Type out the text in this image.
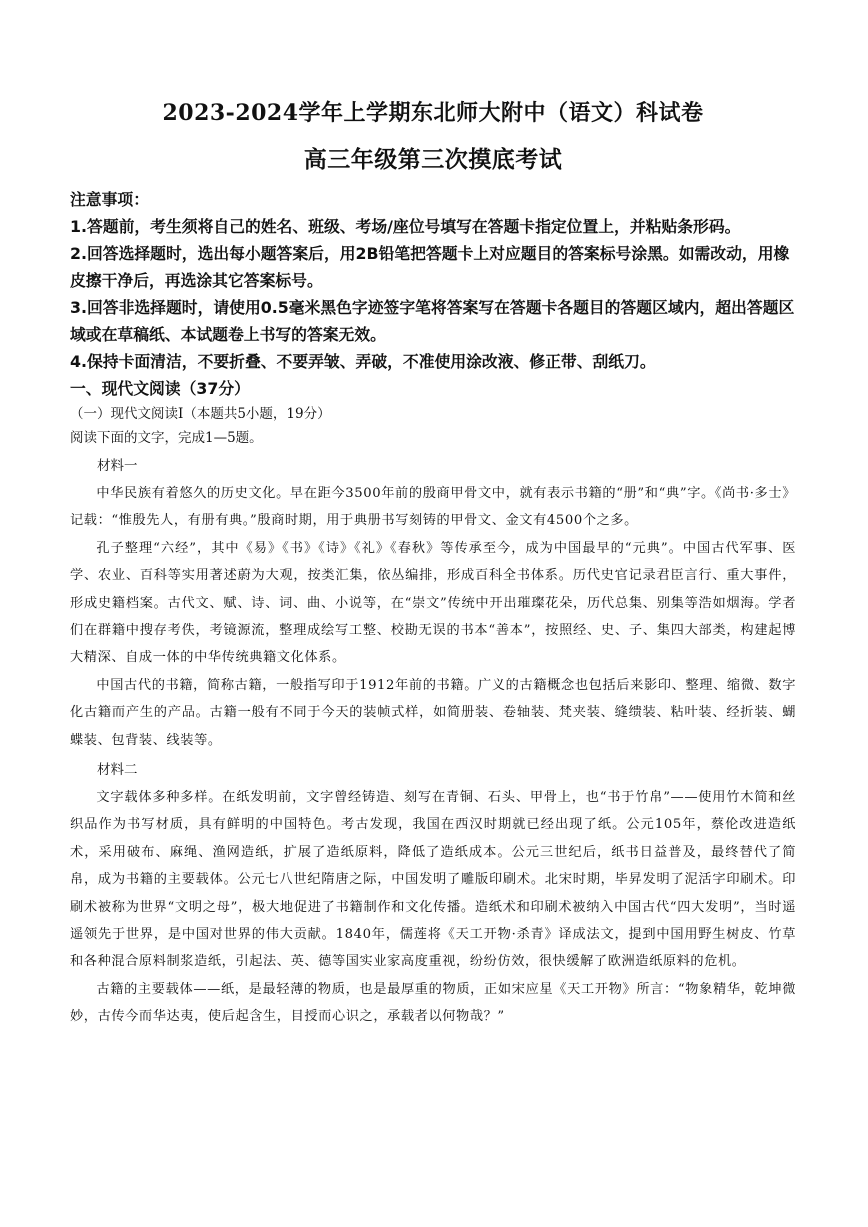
2023-2024学年上学期东北师大附中（语文）科试卷
高三年级第三次摸底考试

注意事项：

1.答题前，考生须将自己的姓名、班级、考场/座位号填写在答题卡指定位置上，并粘贴条形码。

2.回答选择题时，选出每小题答案后，用2B铅笔把答题卡上对应题目的答案标号涂黑。如需改动，用橡皮擦干净后，再选涂其它答案标号。

3.回答非选择题时，请使用0.5毫米黑色字迹签字笔将答案写在答题卡各题目的答题区域内，超出答题区域或在草稿纸、本试题卷上书写的答案无效。

4.保持卡面清洁，不要折叠、不要弄皱、弄破，不准使用涂改液、修正带、刮纸刀。

一、现代文阅读（37分）

（一）现代文阅读I（本题共5小题，19分）

阅读下面的文字，完成1—5题。

材料一

中华民族有着悠久的历史文化。早在距今3500年前的殷商甲骨文中，就有表示书籍的“册”和“典”字。《尚书·多士》记载：“惟殷先人，有册有典。”殷商时期，用于典册书写刻铸的甲骨文、金文有4500个之多。

孔子整理“六经”，其中《易》《书》《诗》《礼》《春秋》等传承至今，成为中国最早的“元典”。中国古代军事、医学、农业、百科等实用著述蔚为大观，按类汇集，依丛编排，形成百科全书体系。历代史官记录君臣言行、重大事件，形成史籍档案。古代文、赋、诗、词、曲、小说等，在“崇文”传统中开出璀璨花朵，历代总集、别集等浩如烟海。学者们在群籍中搜存考佚，考镜源流，整理成绘写工整、校勘无误的书本“善本”，按照经、史、子、集四大部类，构建起博大精深、自成一体的中华传统典籍文化体系。

中国古代的书籍，简称古籍，一般指写印于1912年前的书籍。广义的古籍概念也包括后来影印、整理、缩微、数字化古籍而产生的产品。古籍一般有不同于今天的装帧式样，如简册装、卷轴装、梵夹装、缝缋装、粘叶装、经折装、蝴蝶装、包背装、线装等。

材料二

文字载体多种多样。在纸发明前，文字曾经铸造、刻写在青铜、石头、甲骨上，也“书于竹帛”——使用竹木简和丝织品作为书写材质，具有鲜明的中国特色。考古发现，我国在西汉时期就已经出现了纸。公元105年，蔡伦改进造纸术，采用破布、麻绳、渔网造纸，扩展了造纸原料，降低了造纸成本。公元三世纪后，纸书日益普及，最终替代了简帛，成为书籍的主要载体。公元七八世纪隋唐之际，中国发明了雕版印刷术。北宋时期，毕昇发明了泥活字印刷术。印刷术被称为世界“文明之母”，极大地促进了书籍制作和文化传播。造纸术和印刷术被纳入中国古代“四大发明”，当时遥遥领先于世界，是中国对世界的伟大贡献。1840年，儒莲将《天工开物·杀青》译成法文，提到中国用野生树皮、竹草和各种混合原料制浆造纸，引起法、英、德等国实业家高度重视，纷纷仿效，很快缓解了欧洲造纸原料的危机。

古籍的主要载体——纸，是最轻薄的物质，也是最厚重的物质，正如宋应星《天工开物》所言：“物象精华，乾坤微妙，古传今而华达夷，使后起含生，目授而心识之，承载者以何物哉？”
